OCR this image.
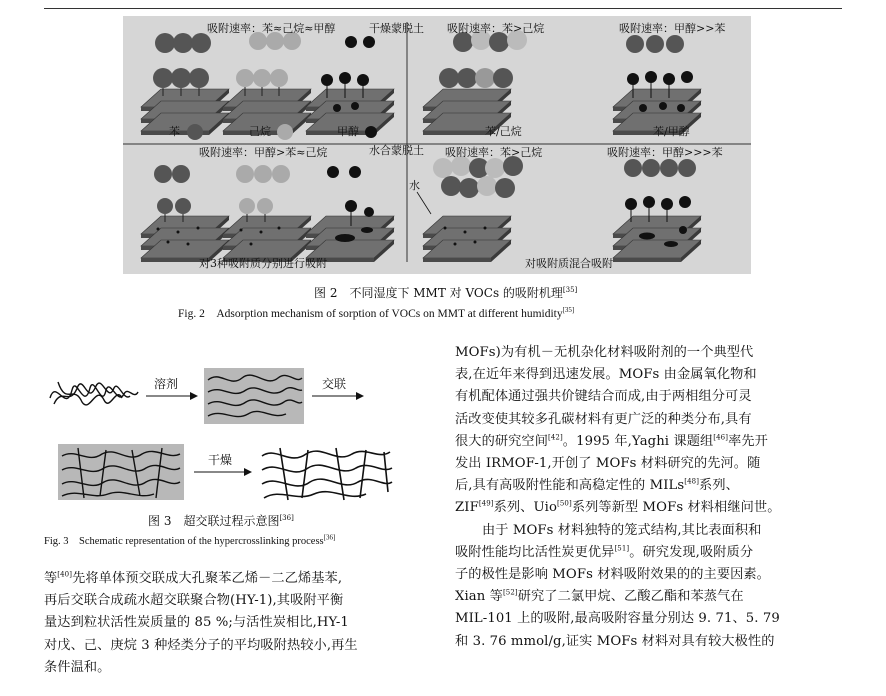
吸附速率：苯≈己烷≈甲醇	干燥蒙脱土 吸附速率：苯>己烷	吸附速率：甲醇>>苯
苯	己烷	甲醇	苯/己烷	苯/甲醇
吸附速率：甲醇>苯≈己烷	水合蒙脱土 吸附速率：苯>己烷	吸附速率：甲醇>>>苯
水
对3种吸附质分别进行吸附	对吸附质混合吸附
图 2　不同湿度下 MMT 对 VOCs 的吸附机理[35]
Fig. 2　Adsorption mechanism of sorption of VOCs on MMT at different humidity[35]
溶剂	交联
干燥
图 3　超交联过程示意图[36]
Fig. 3　Schematic representation of the hypercrosslinking process[36]
等[40]先将单体预交联成大孔聚苯乙烯－二乙烯基苯,
再后交联合成疏水超交联聚合物(HY-1),其吸附平衡
量达到粒状活性炭质量的 85 %;与活性炭相比,HY-1
对戊、己、庚烷 3 种烃类分子的平均吸附热较小,再生
条件温和。
MOFs)为有机－无机杂化材料吸附剂的一个典型代
表,在近年来得到迅速发展。MOFs 由金属氧化物和
有机配体通过强共价键结合而成,由于两相组分可灵
活改变使其较多孔碳材料有更广泛的种类分布,具有
很大的研究空间[42]。1995 年,Yaghi 课题组[46]率先开
发出 IRMOF-1,开创了 MOFs 材料研究的先河。随
后,具有高吸附性能和高稳定性的 MILs[48]系列、
ZIF[49]系列、Uio[50]系列等新型 MOFs 材料相继问世。
由于 MOFs 材料独特的笼式结构,其比表面积和
吸附性能均比活性炭更优异[51]。研究发现,吸附质分
子的极性是影响 MOFs 材料吸附效果的的主要因素。
Xian 等[52]研究了二氯甲烷、乙酸乙酯和苯蒸气在
MIL-101 上的吸附,最高吸附容量分别达 9. 71、5. 79
和 3. 76 mmol/g,证实 MOFs 材料对具有较大极性的
